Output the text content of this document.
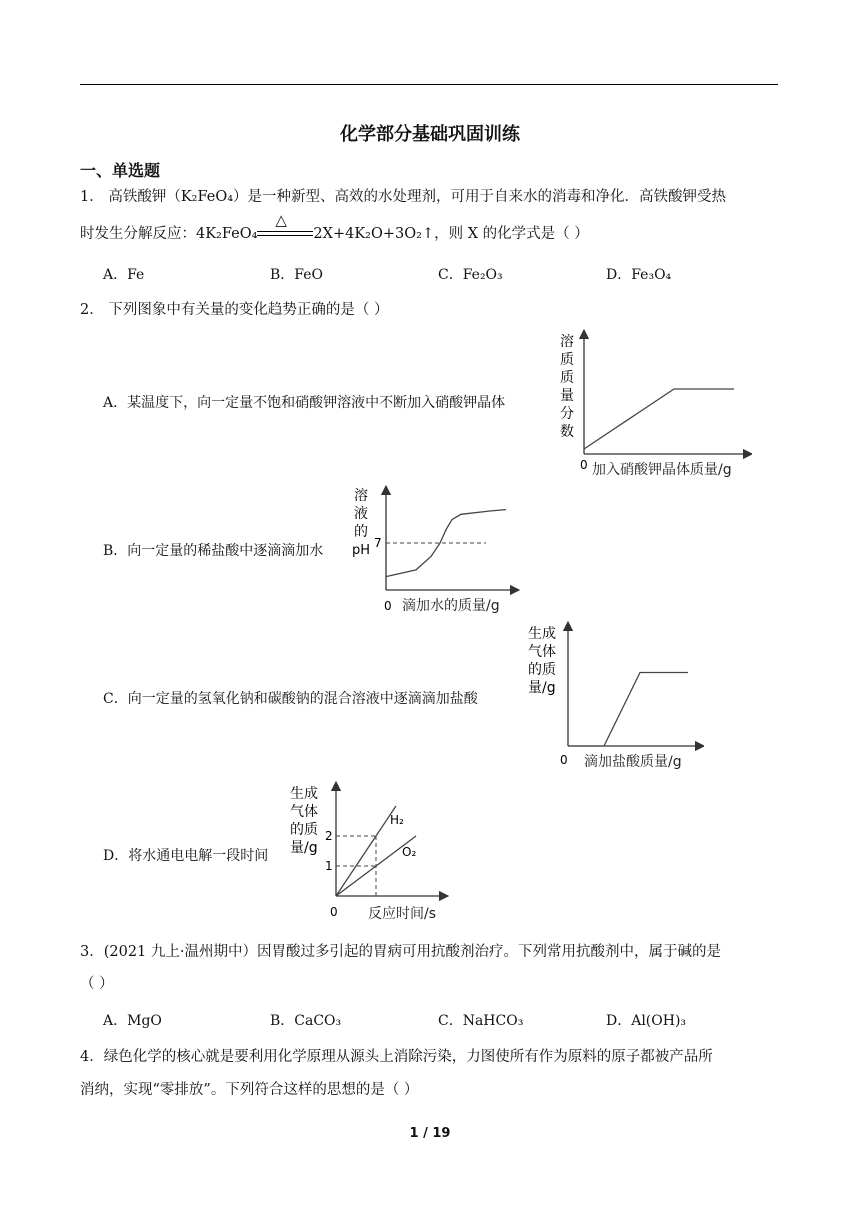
化学部分基础巩固训练
一、单选题
1． 高铁酸钾（K₂FeO₄）是一种新型、高效的水处理剂，可用于自来水的消毒和净化．高铁酸钾受热
时发生分解反应：4K₂FeO₄
△
2X+4K₂O+3O₂↑，则 X 的化学式是（ ）
A．Fe	B．FeO	C．Fe₂O₃	D．Fe₃O₄
2． 下列图象中有关量的变化趋势正确的是（ ）
A．某温度下，向一定量不饱和硝酸钾溶液中不断加入硝酸钾晶体
B．向一定量的稀盐酸中逐滴滴加水
C．向一定量的氢氧化钠和碳酸钠的混合溶液中逐滴滴加盐酸
D．将水通电电解一段时间
溶
质
质
量
分
数
0 加入硝酸钾晶体质量/g
溶
液
的
pH 7
0 滴加水的质量/g
生成
气体
的质
量/g
0 滴加盐酸质量/g
生成
气体
的质
量/g
2
1
0 反应时间/s
H₂
O₂
3．(2021 九上·温州期中）因胃酸过多引起的胃病可用抗酸剂治疗。下列常用抗酸剂中，属于碱的是
（ ）
A．MgO	B．CaCO₃	C．NaHCO₃	D．Al(OH)₃
4．绿色化学的核心就是要利用化学原理从源头上消除污染，力图使所有作为原料的原子都被产品所
消纳，实现“零排放”。下列符合这样的思想的是（ ）
1 / 19
